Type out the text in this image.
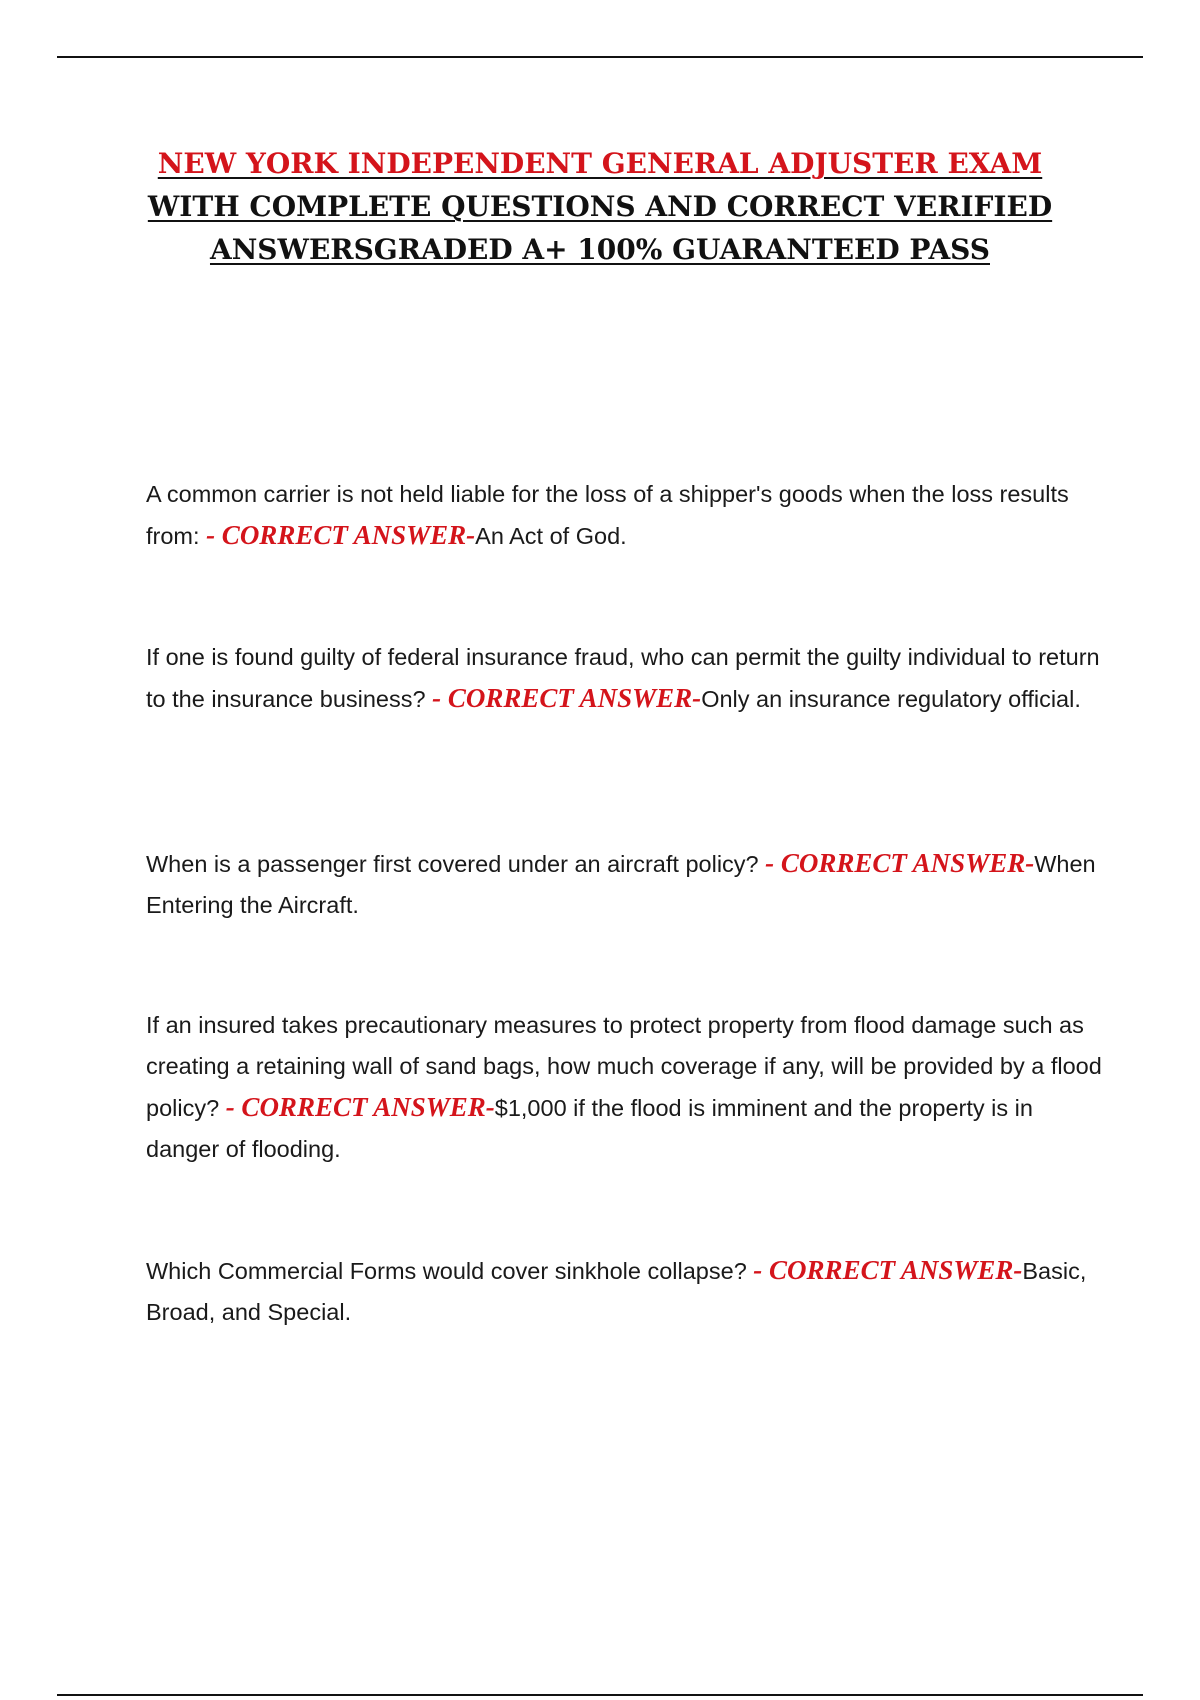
NEW YORK INDEPENDENT GENERAL ADJUSTER EXAM WITH COMPLETE QUESTIONS AND CORRECT VERIFIED ANSWERSGRADED A+ 100% GUARANTEED PASS

A common carrier is not held liable for the loss of a shipper's goods when the loss results from: - CORRECT ANSWER-An Act of God.

If one is found guilty of federal insurance fraud, who can permit the guilty individual to return to the insurance business? - CORRECT ANSWER-Only an insurance regulatory official.

When is a passenger first covered under an aircraft policy? - CORRECT ANSWER-When Entering the Aircraft.

If an insured takes precautionary measures to protect property from flood damage such as creating a retaining wall of sand bags, how much coverage if any, will be provided by a flood policy? - CORRECT ANSWER-$1,000 if the flood is imminent and the property is in danger of flooding.

Which Commercial Forms would cover sinkhole collapse? - CORRECT ANSWER-Basic, Broad, and Special.
